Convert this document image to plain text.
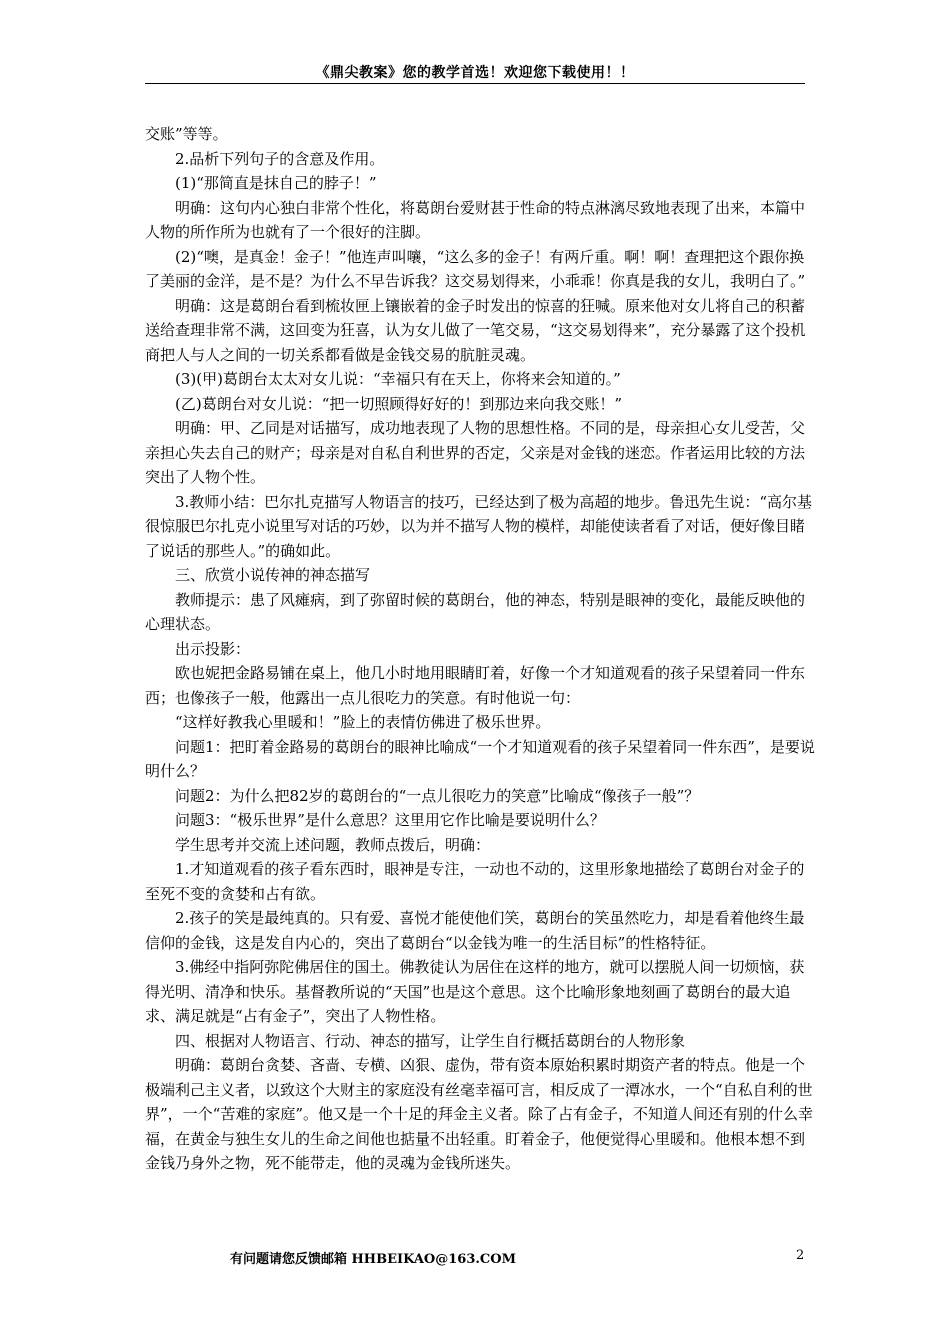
《鼎尖教案》您的教学首选！欢迎您下载使用！！

交账”等等。

2.品析下列句子的含意及作用。

(1)“那简直是抹自己的脖子！”

明确：这句内心独白非常个性化，将葛朗台爱财甚于性命的特点淋漓尽致地表现了出来，本篇中人物的所作所为也就有了一个很好的注脚。

(2)“噢，是真金！金子！”他连声叫嚷，“这么多的金子！有两斤重。啊！啊！查理把这个跟你换了美丽的金洋，是不是？为什么不早告诉我？这交易划得来，小乖乖！你真是我的女儿，我明白了。”

明确：这是葛朗台看到梳妆匣上镶嵌着的金子时发出的惊喜的狂喊。原来他对女儿将自己的积蓄送给查理非常不满，这回变为狂喜，认为女儿做了一笔交易，“这交易划得来”，充分暴露了这个投机商把人与人之间的一切关系都看做是金钱交易的肮脏灵魂。

(3)(甲)葛朗台太太对女儿说：“幸福只有在天上，你将来会知道的。”

(乙)葛朗台对女儿说：“把一切照顾得好好的！到那边来向我交账！”

明确：甲、乙同是对话描写，成功地表现了人物的思想性格。不同的是，母亲担心女儿受苦，父亲担心失去自己的财产；母亲是对自私自利世界的否定，父亲是对金钱的迷恋。作者运用比较的方法突出了人物个性。

3.教师小结：巴尔扎克描写人物语言的技巧，已经达到了极为高超的地步。鲁迅先生说：“高尔基很惊服巴尔扎克小说里写对话的巧妙，以为并不描写人物的模样，却能使读者看了对话，便好像目睹了说话的那些人。”的确如此。

三、欣赏小说传神的神态描写

教师提示：患了风瘫病，到了弥留时候的葛朗台，他的神态，特别是眼神的变化，最能反映他的心理状态。

出示投影：

欧也妮把金路易铺在桌上，他几小时地用眼睛盯着，好像一个才知道观看的孩子呆望着同一件东西；也像孩子一般，他露出一点儿很吃力的笑意。有时他说一句：

“这样好教我心里暖和！”脸上的表情仿佛进了极乐世界。

问题1：把盯着金路易的葛朗台的眼神比喻成“一个才知道观看的孩子呆望着同一件东西”，是要说明什么？

问题2：为什么把82岁的葛朗台的“一点儿很吃力的笑意”比喻成“像孩子一般”？

问题3：“极乐世界”是什么意思？这里用它作比喻是要说明什么？

学生思考并交流上述问题，教师点拨后，明确：

1.才知道观看的孩子看东西时，眼神是专注，一动也不动的，这里形象地描绘了葛朗台对金子的至死不变的贪婪和占有欲。

2.孩子的笑是最纯真的。只有爱、喜悦才能使他们笑，葛朗台的笑虽然吃力，却是看着他终生最信仰的金钱，这是发自内心的，突出了葛朗台“以金钱为唯一的生活目标”的性格特征。

3.佛经中指阿弥陀佛居住的国土。佛教徒认为居住在这样的地方，就可以摆脱人间一切烦恼，获得光明、清净和快乐。基督教所说的“天国”也是这个意思。这个比喻形象地刻画了葛朗台的最大追求、满足就是“占有金子”，突出了人物性格。

四、根据对人物语言、行动、神态的描写，让学生自行概括葛朗台的人物形象

明确：葛朗台贪婪、吝啬、专横、凶狠、虚伪，带有资本原始积累时期资产者的特点。他是一个极端利己主义者，以致这个大财主的家庭没有丝毫幸福可言，相反成了一潭冰水，一个“自私自利的世界”，一个“苦难的家庭”。他又是一个十足的拜金主义者。除了占有金子，不知道人间还有别的什么幸福，在黄金与独生女儿的生命之间他也掂量不出轻重。盯着金子，他便觉得心里暖和。他根本想不到金钱乃身外之物，死不能带走，他的灵魂为金钱所迷失。

有问题请您反馈邮箱 HHBEIKAO@163.COM	2
